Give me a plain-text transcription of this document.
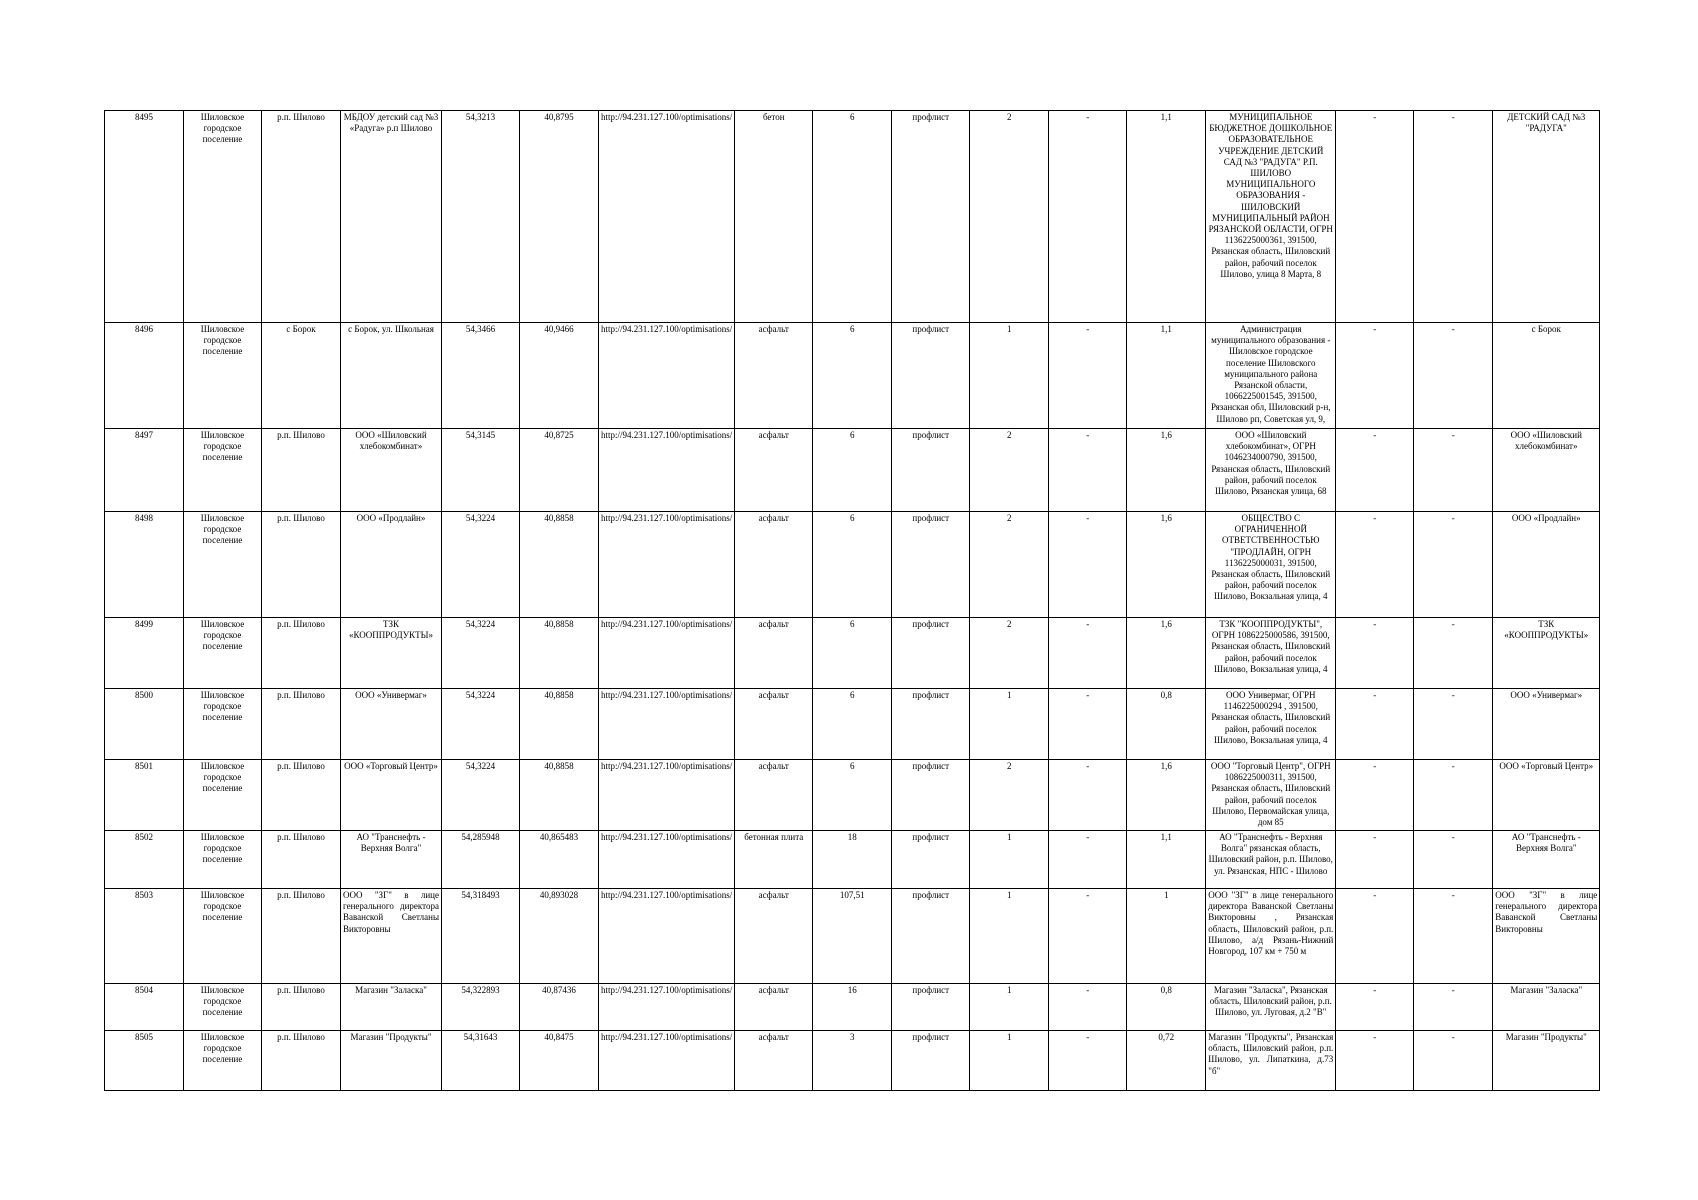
8495	Шиловское городское поселение	р.п. Шилово	МБДОУ детский сад №3 «Радуга» р.п Шилово	54,3213	40,8795	http://94.231.127.100/optimisations/	бетон	6	профлист	2	-	1,1	МУНИЦИПАЛЬНОЕ БЮДЖЕТНОЕ ДОШКОЛЬНОЕ ОБРАЗОВАТЕЛЬНОЕ УЧРЕЖДЕНИЕ ДЕТСКИЙ САД №3 "РАДУГА" Р.П. ШИЛОВО МУНИЦИПАЛЬНОГО ОБРАЗОВАНИЯ - ШИЛОВСКИЙ МУНИЦИПАЛЬНЫЙ РАЙОН РЯЗАНСКОЙ ОБЛАСТИ, ОГРН 1136225000361, 391500, Рязанская область, Шиловский район, рабочий поселок Шилово, улица 8 Марта, 8	-	-	ДЕТСКИЙ САД №3 "РАДУГА"
8496	Шиловское городское поселение	с Борок	с Борок, ул. Школьная	54,3466	40,9466	http://94.231.127.100/optimisations/	асфальт	6	профлист	1	-	1,1	Администрация муниципального образования - Шиловское городское поселение Шиловского муниципального района Рязанской области, 1066225001545, 391500, Рязанская обл, Шиловский р-н, Шилово рп, Советская ул, 9,	-	-	с Борок
8497	Шиловское городское поселение	р.п. Шилово	ООО «Шиловский хлебокомбинат»	54,3145	40,8725	http://94.231.127.100/optimisations/	асфальт	6	профлист	2	-	1,6	ООО «Шиловский хлебокомбинат», ОГРН 1046234000790, 391500, Рязанская область, Шиловский район, рабочий поселок Шилово, Рязанская улица, 68	-	-	ООО «Шиловский хлебокомбинат»
8498	Шиловское городское поселение	р.п. Шилово	ООО «Продлайн»	54,3224	40,8858	http://94.231.127.100/optimisations/	асфальт	6	профлист	2	-	1,6	ОБЩЕСТВО С ОГРАНИЧЕННОЙ ОТВЕТСТВЕННОСТЬЮ "ПРОДЛАЙН, ОГРН 1136225000031, 391500, Рязанская область, Шиловский район, рабочий поселок Шилово, Вокзальная улица, 4	-	-	ООО «Продлайн»
8499	Шиловское городское поселение	р.п. Шилово	ТЗК «КООППРОДУКТЫ»	54,3224	40,8858	http://94.231.127.100/optimisations/	асфальт	6	профлист	2	-	1,6	ТЗК "КООППРОДУКТЫ", ОГРН 1086225000586, 391500, Рязанская область, Шиловский район, рабочий поселок Шилово, Вокзальная улица, 4	-	-	ТЗК «КООППРОДУКТЫ»
8500	Шиловское городское поселение	р.п. Шилово	ООО «Универмаг»	54,3224	40,8858	http://94.231.127.100/optimisations/	асфальт	6	профлист	1	-	0,8	ООО Универмаг, ОГРН 1146225000294 , 391500, Рязанская область, Шиловский район, рабочий поселок Шилово, Вокзальная улица, 4	-	-	ООО «Универмаг»
8501	Шиловское городское поселение	р.п. Шилово	ООО «Торговый Центр»	54,3224	40,8858	http://94.231.127.100/optimisations/	асфальт	6	профлист	2	-	1,6	ООО "Торговый Центр", ОГРН 1086225000311, 391500, Рязанская область, Шиловский район, рабочий поселок Шилово, Первомайская улица, дом 85	-	-	ООО «Торговый Центр»
8502	Шиловское городское поселение	р.п. Шилово	АО "Транснефть - Верхняя Волга"	54,285948	40,865483	http://94.231.127.100/optimisations/	бетонная плита	18	профлист	1	-	1,1	АО "Транснефть - Верхняя Волга" рязанская область, Шиловский район, р.п. Шилово, ул. Рязанская, НПС - Шилово	-	-	АО "Транснефть - Верхняя Волга"
8503	Шиловское городское поселение	р.п. Шилово	ООО "ЗГ" в лице генерального директора Ваванской Светланы Викторовны	54,318493	40,893028	http://94.231.127.100/optimisations/	асфальт	107,51	профлист	1	-	1	ООО "ЗГ" в лице генерального директора Ваванской Светланы Викторовны , Рязанская область, Шиловский район, р.п. Шилово, а/д Рязань-Нижний Новгород, 107 км + 750 м	-	-	ООО "ЗГ" в лице генерального директора Ваванской Светланы Викторовны
8504	Шиловское городское поселение	р.п. Шилово	Магазин "Заласка"	54,322893	40,87436	http://94.231.127.100/optimisations/	асфальт	16	профлист	1	-	0,8	Магазин "Заласка", Рязанская область, Шиловский район, р.п. Шилово, ул. Луговая, д.2 "В"	-	-	Магазин "Заласка"
8505	Шиловское городское поселение	р.п. Шилово	Магазин "Продукты"	54,31643	40,8475	http://94.231.127.100/optimisations/	асфальт	3	профлист	1	-	0,72	Магазин "Продукты", Рязанская область, Шиловский район, р.п. Шилово, ул. Липаткина, д.73 "б"	-	-	Магазин "Продукты"
